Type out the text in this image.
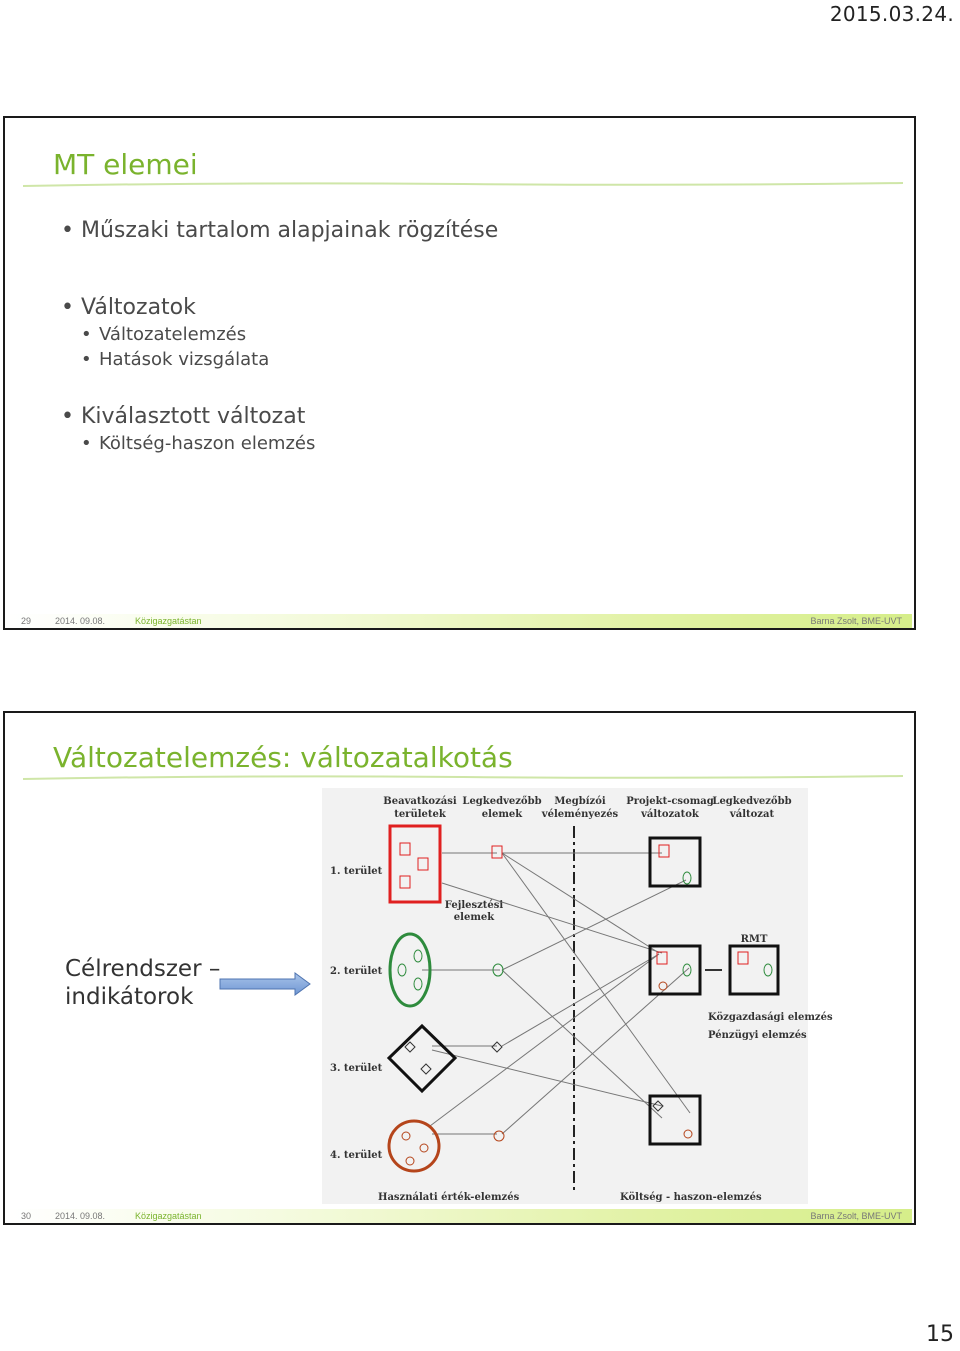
2015.03.24.
MT elemei
• Műszaki tartalom alapjainak rögzítése
• Változatok
• Változatelemzés
• Hatások vizsgálata
• Kiválasztott változat
• Költség-haszon elemzés
29	2014. 09.08.	Közigazgatástan	Barna Zsolt, BME-UVT
Változatelemzés: változatalkotás
Célrendszer –
indikátorok
Beavatkozási
területek
Legkedvezőbb
elemek
Megbízói
véleményezés
Projekt-csomag
változatok
Legkedvezőbb
változat
1. terület
2. terület
3. terület
4. terület
Fejlesztési
elemek
RMT
Közgazdasági elemzés
Pénzügyi elemzés
Használati érték-elemzés	Költség - haszon-elemzés
30	2014. 09.08.	Közigazgatástan	Barna Zsolt, BME-UVT
15
